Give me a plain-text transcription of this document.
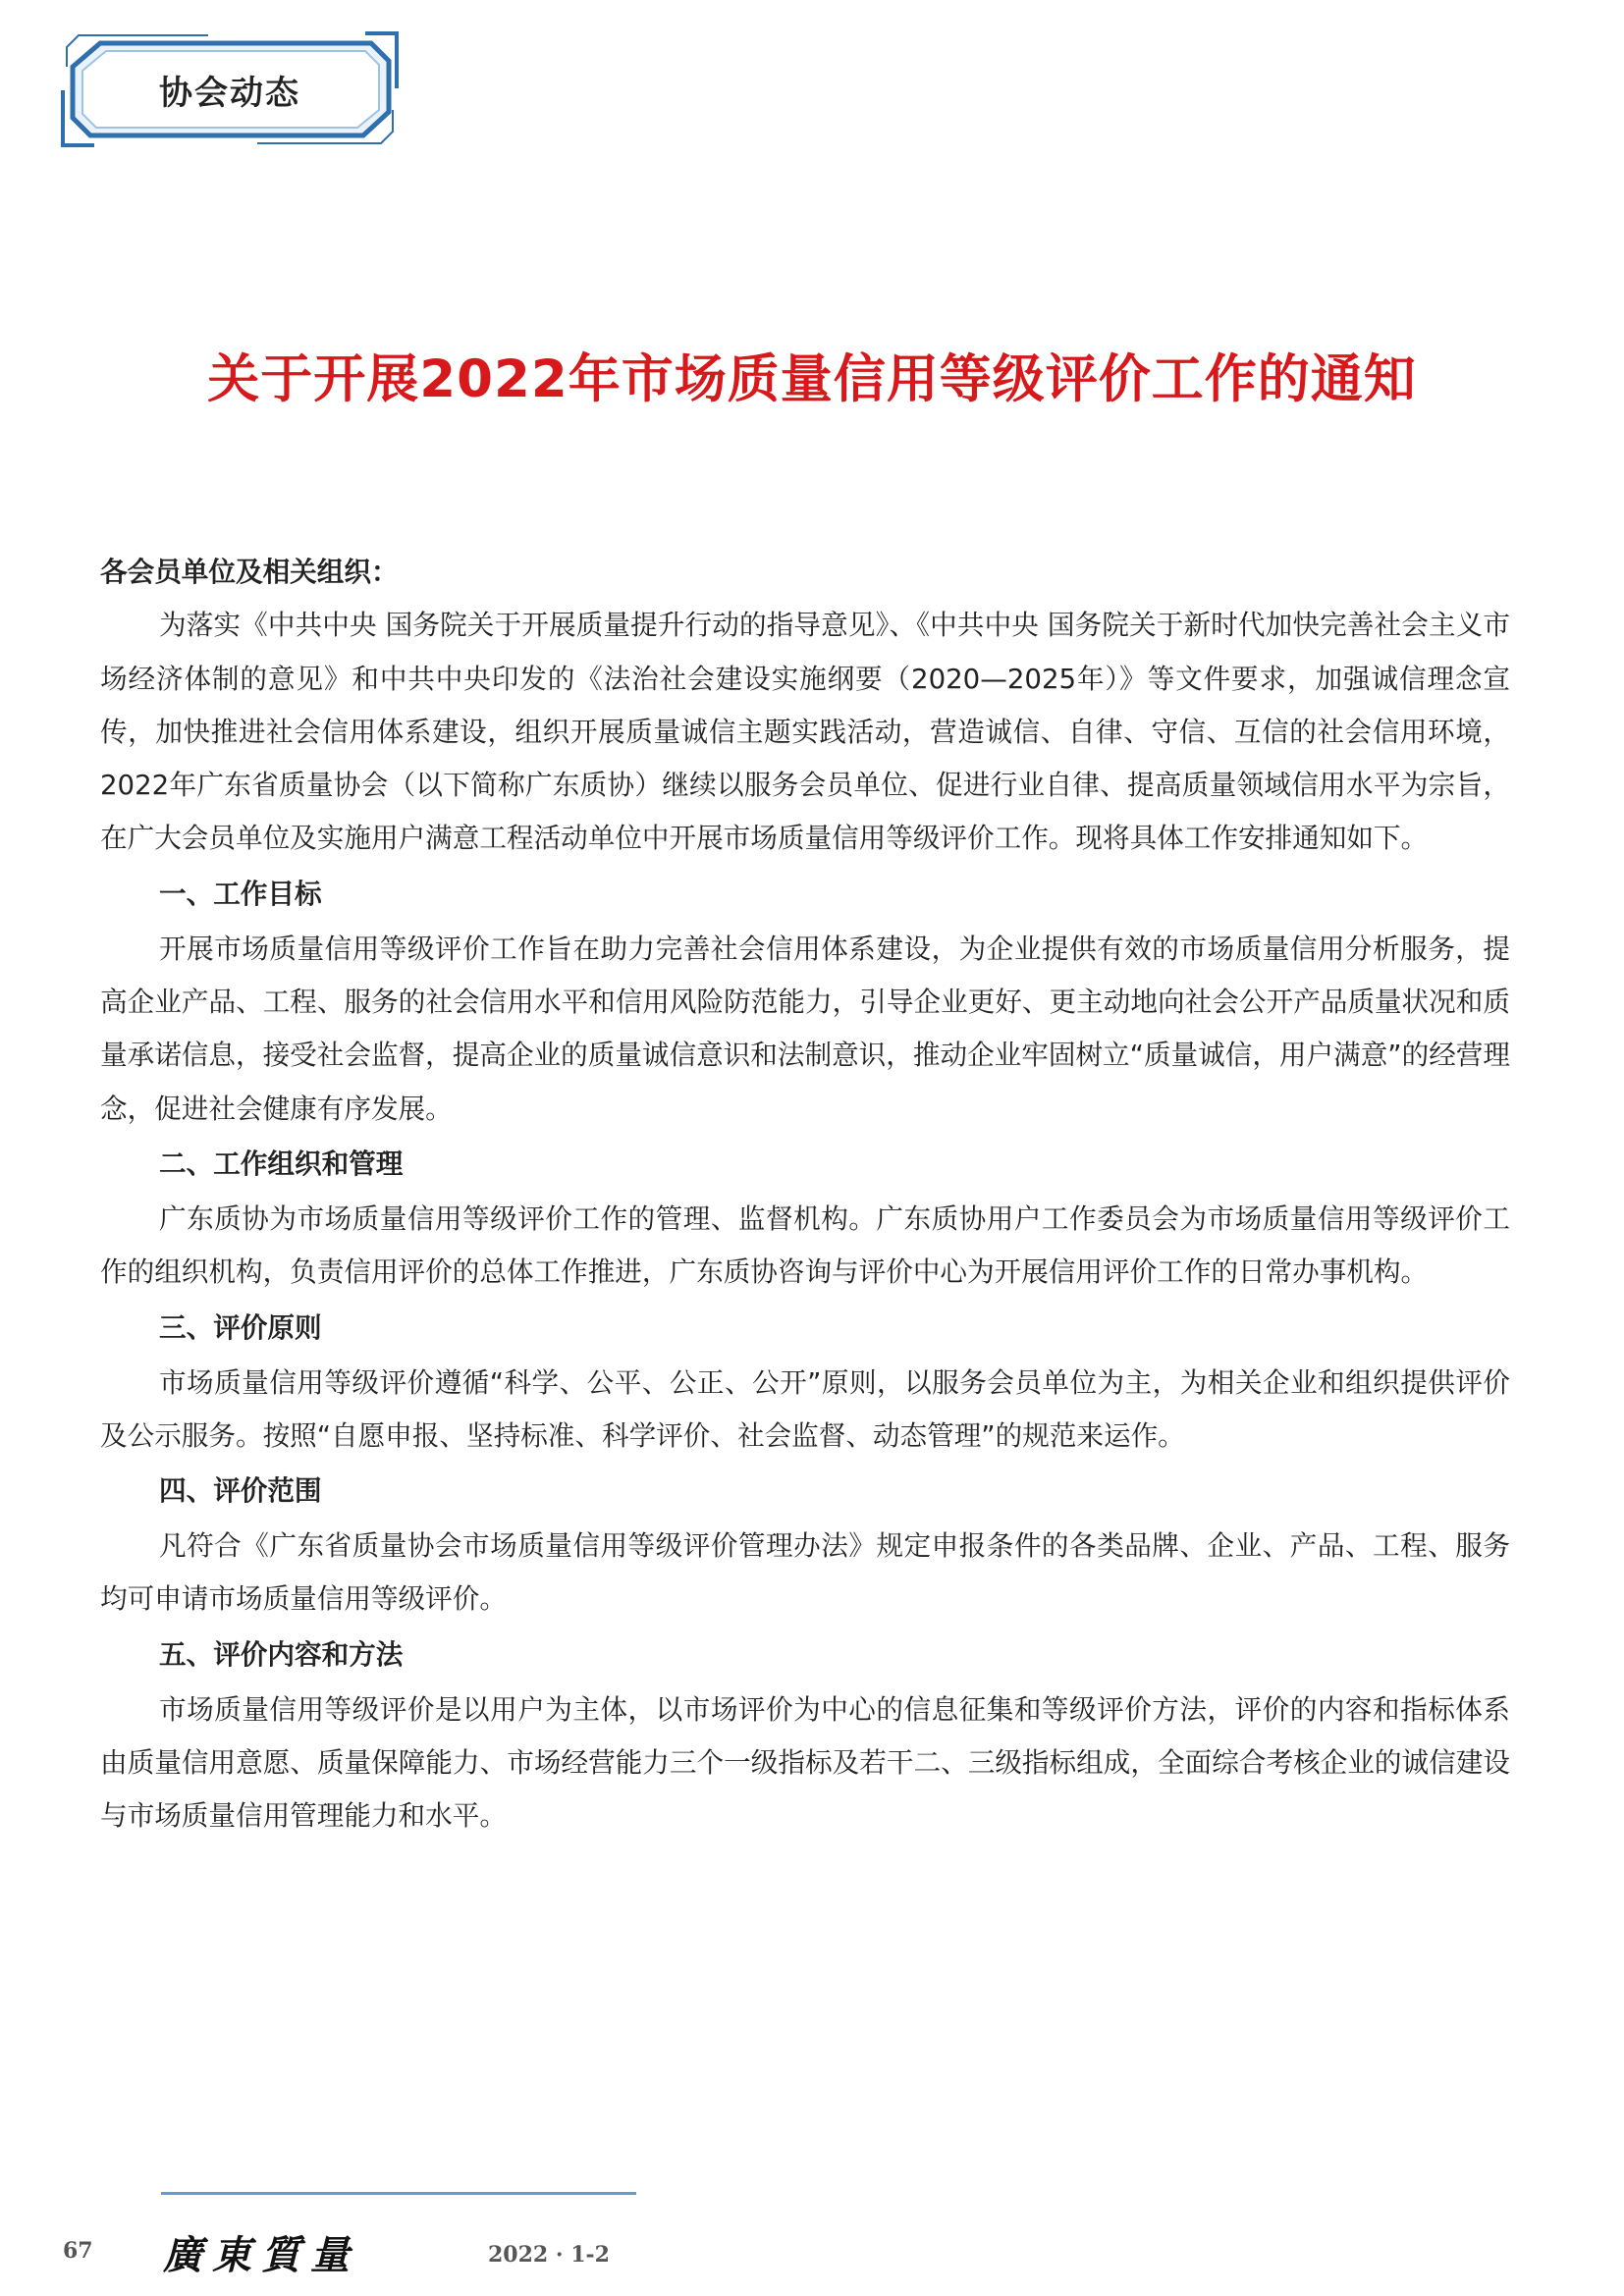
协会动态
关于开展2022年市场质量信用等级评价工作的通知

各会员单位及相关组织：

为落实《中共中央 国务院关于开展质量提升行动的指导意见》、《中共中央 国务院关于新时代加快完善社会主义市场经济体制的意见》和中共中央印发的《法治社会建设实施纲要（2020—2025年）》等文件要求，加强诚信理念宣传，加快推进社会信用体系建设，组织开展质量诚信主题实践活动，营造诚信、自律、守信、互信的社会信用环境，2022年广东省质量协会（以下简称广东质协）继续以服务会员单位、促进行业自律、提高质量领域信用水平为宗旨，在广大会员单位及实施用户满意工程活动单位中开展市场质量信用等级评价工作。现将具体工作安排通知如下。

一、工作目标

开展市场质量信用等级评价工作旨在助力完善社会信用体系建设，为企业提供有效的市场质量信用分析服务，提高企业产品、工程、服务的社会信用水平和信用风险防范能力，引导企业更好、更主动地向社会公开产品质量状况和质量承诺信息，接受社会监督，提高企业的质量诚信意识和法制意识，推动企业牢固树立“质量诚信，用户满意”的经营理念，促进社会健康有序发展。

二、工作组织和管理

广东质协为市场质量信用等级评价工作的管理、监督机构。广东质协用户工作委员会为市场质量信用等级评价工作的组织机构，负责信用评价的总体工作推进，广东质协咨询与评价中心为开展信用评价工作的日常办事机构。

三、评价原则

市场质量信用等级评价遵循“科学、公平、公正、公开”原则，以服务会员单位为主，为相关企业和组织提供评价及公示服务。按照“自愿申报、坚持标准、科学评价、社会监督、动态管理”的规范来运作。

四、评价范围

凡符合《广东省质量协会市场质量信用等级评价管理办法》规定申报条件的各类品牌、企业、产品、工程、服务均可申请市场质量信用等级评价。

五、评价内容和方法

市场质量信用等级评价是以用户为主体，以市场评价为中心的信息征集和等级评价方法，评价的内容和指标体系由质量信用意愿、质量保障能力、市场经营能力三个一级指标及若干二、三级指标组成，全面综合考核企业的诚信建设与市场质量信用管理能力和水平。

67 廣東質量	2022 · 1-2
